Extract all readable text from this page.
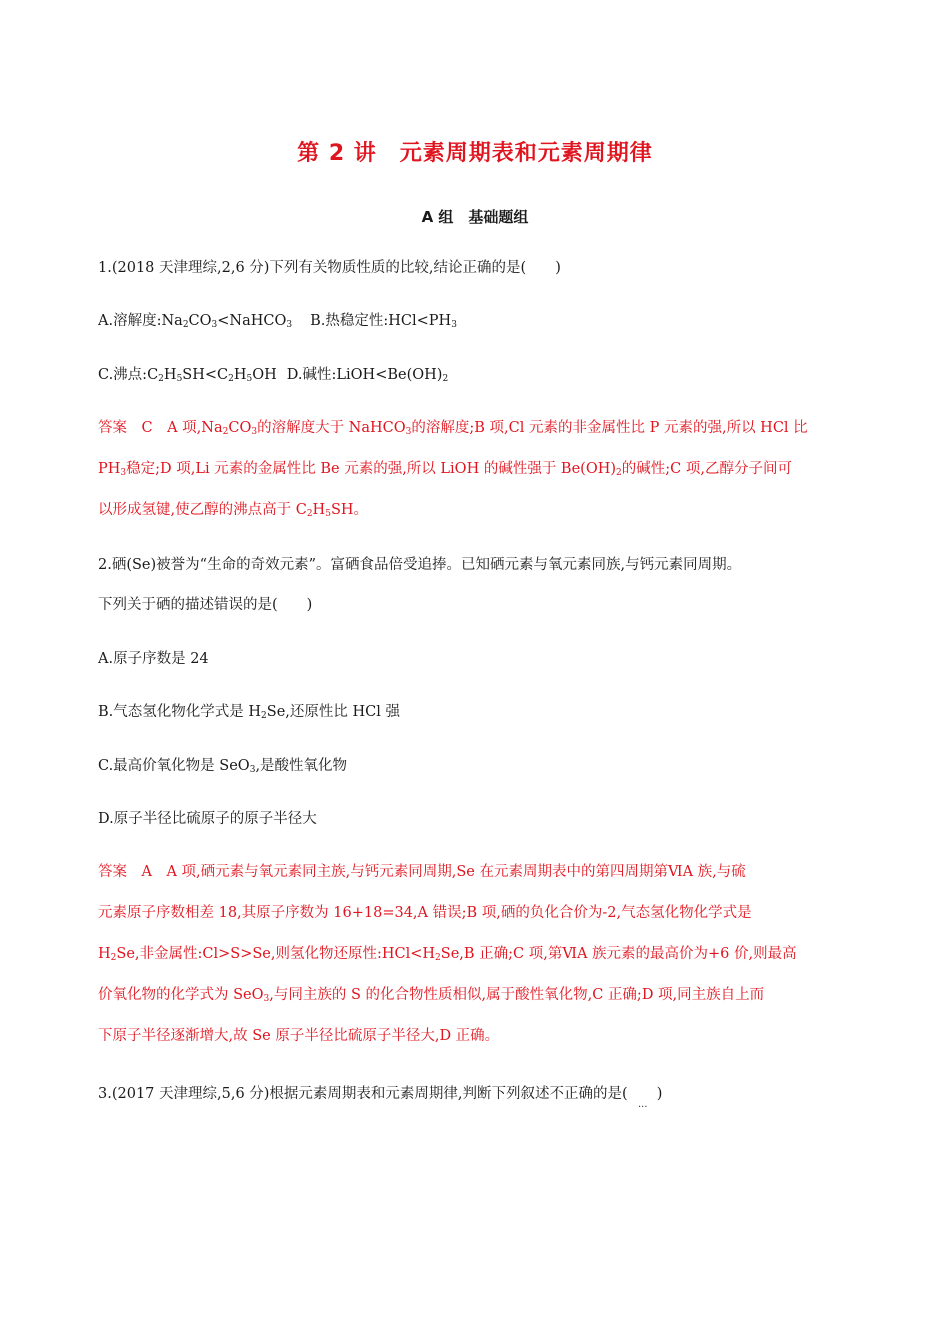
第 2 讲　元素周期表和元素周期律
A 组　基础题组
1.(2018 天津理综,2,6 分)下列有关物质性质的比较,结论正确的是(　　)
A.溶解度$:Na_2CO_3<NaHCO_3$ B.热稳定性$:HCl<PH_3$
C.沸点$:C_2H_5SH<C_2H_5OH$ D.碱性$:LiOH<Be(OH)_2$
答案　C　A 项$,Na_2CO_3$的溶解度大于 NaHCO$_3$的溶解度;B 项,Cl 元素的非金属性比 P 元素的强,所以 HCl 比
$PH_3$稳定;D 项,Li 元素的金属性比 Be 元素的强,所以 LiOH 的碱性强于 $Be(OH)_2$的碱性;C 项,乙醇分子间可
以形成氢键,使乙醇的沸点高于 $C_2H_5SH$。
2.硒(Se)被誉为“生命的奇效元素”。富硒食品倍受追捧。已知硒元素与氧元素同族,与钙元素同周期。
下列关于硒的描述错误的是(　　)
A.原子序数是 24
B.气态氢化物化学式是 $H_2Se$,还原性比 HCl 强
C.最高价氧化物是 SeO$_3$,是酸性氧化物
D.原子半径比硫原子的原子半径大
答案　A　A 项,硒元素与氧元素同主族,与钙元素同周期,Se 在元素周期表中的第四周期第ⅥA 族,与硫
元素原子序数相差 18,其原子序数为 16+18=34,A 错误;B 项,硒的负化合价为-2,气态氢化物化学式是
$H_2Se$,非金属性:Cl>S>Se,则氢化物还原性$:HCl<H_2Se,B$ 正确;C 项,第ⅥA 族元素的最高价为+6 价,则最高
价氧化物的化学式为 SeO$_3$,与同主族的 S 的化合物性质相似,属于酸性氧化物,C 正确;D 项,同主族自上而
下原子半径逐渐增大,故 Se 原子半径比硫原子半径大,D 正确。
3.(2017 天津理综,5,6 分)根据元素周期表和元素周期律,判断下列叙述不正确的是(　　)
···
